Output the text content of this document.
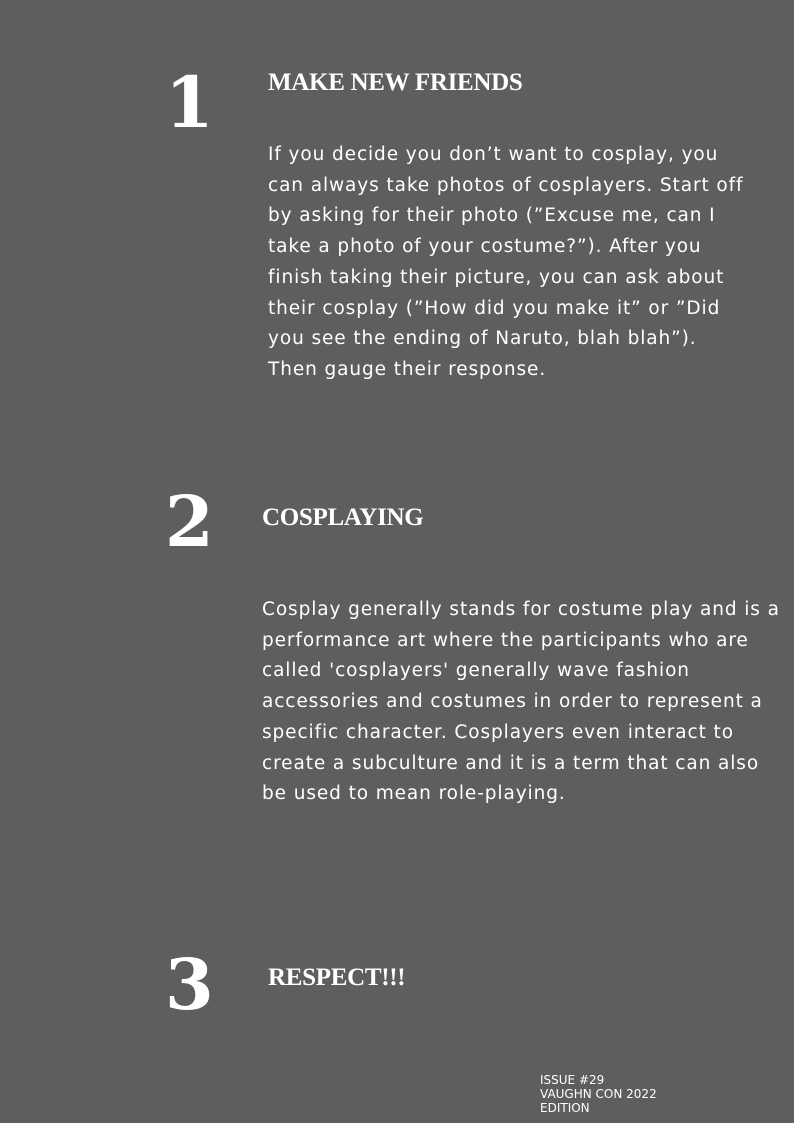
1 MAKE NEW FRIENDS
If you decide you don’t want to cosplay, you can always take photos of cosplayers. Start off by asking for their photo (”Excuse me, can I take a photo of your costume?”). After you finish taking their picture, you can ask about their cosplay (”How did you make it” or ”Did you see the ending of Naruto, blah blah”). Then gauge their response.
2 COSPLAYING
Cosplay generally stands for costume play and is a performance art where the participants who are called 'cosplayers' generally wave fashion accessories and costumes in order to represent a specific character. Cosplayers even interact to create a subculture and it is a term that can also be used to mean role-playing.
3 RESPECT!!!
ISSUE #29
VAUGHN CON 2022
EDITION
